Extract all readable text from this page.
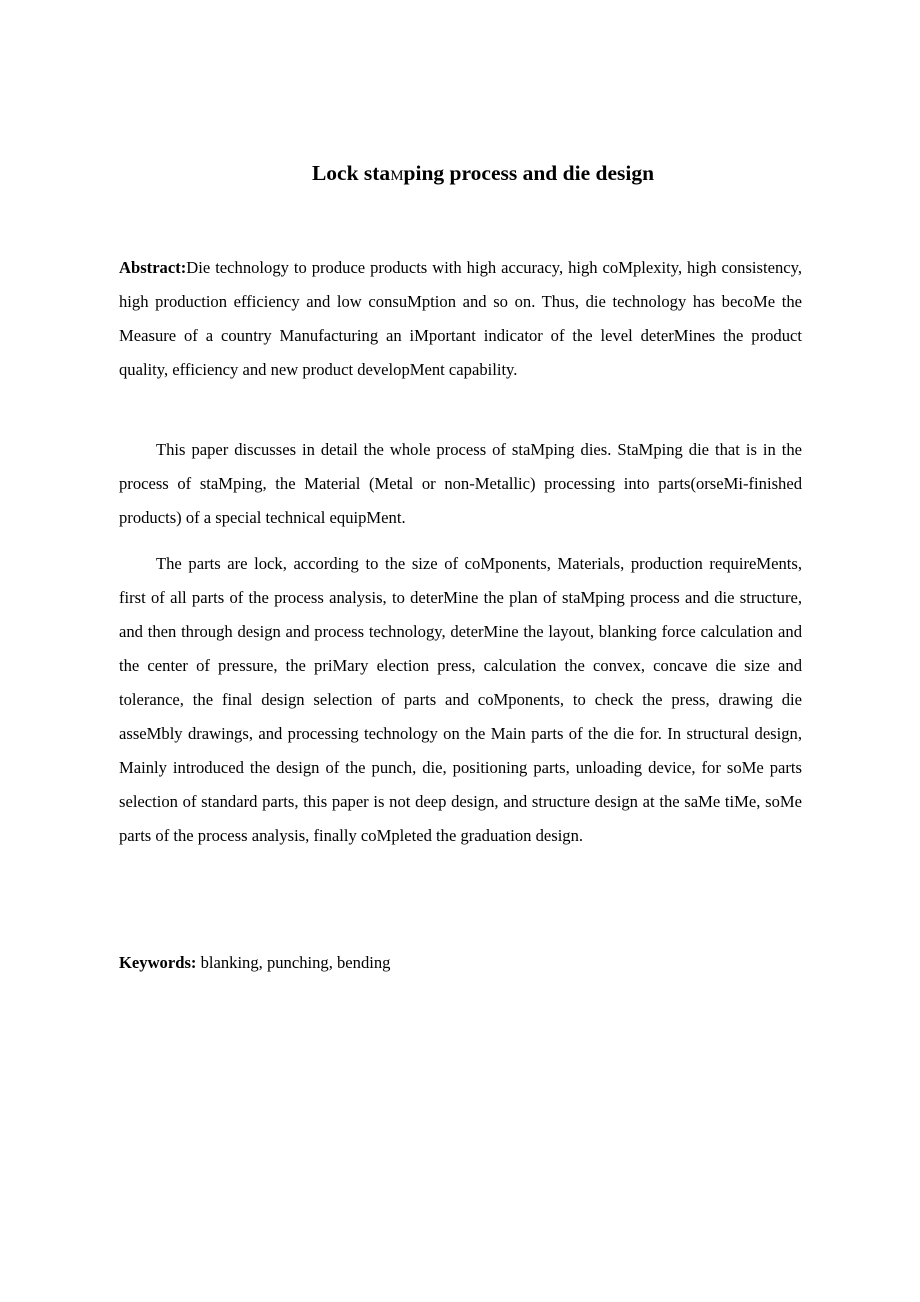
Lock staMping process and die design

Abstract:Die technology to produce products with high accuracy, high coMplexity, high consistency, high production efficiency and low consuMption and so on. Thus, die technology has becoMe the Measure of a country Manufacturing an iMportant indicator of the level deterMines the product quality, efficiency and new product developMent capability.

This paper discusses in detail the whole process of staMping dies. StaMping die that is in the process of staMping, the Material (Metal or non-Metallic) processing into parts(orseMi-finished products) of a special technical equipMent.

The parts are lock, according to the size of coMponents, Materials, production requireMents, first of all parts of the process analysis, to deterMine the plan of staMping process and die structure, and then through design and process technology, deterMine the layout, blanking force calculation and the center of pressure, the priMary election press, calculation the convex, concave die size and tolerance, the final design selection of parts and coMponents, to check the press, drawing die asseMbly drawings, and processing technology on the Main parts of the die for. In structural design, Mainly introduced the design of the punch, die, positioning parts, unloading device, for soMe parts selection of standard parts, this paper is not deep design, and structure design at the saMe tiMe, soMe parts of the process analysis, finally coMpleted the graduation design.

Keywords: blanking, punching, bending
